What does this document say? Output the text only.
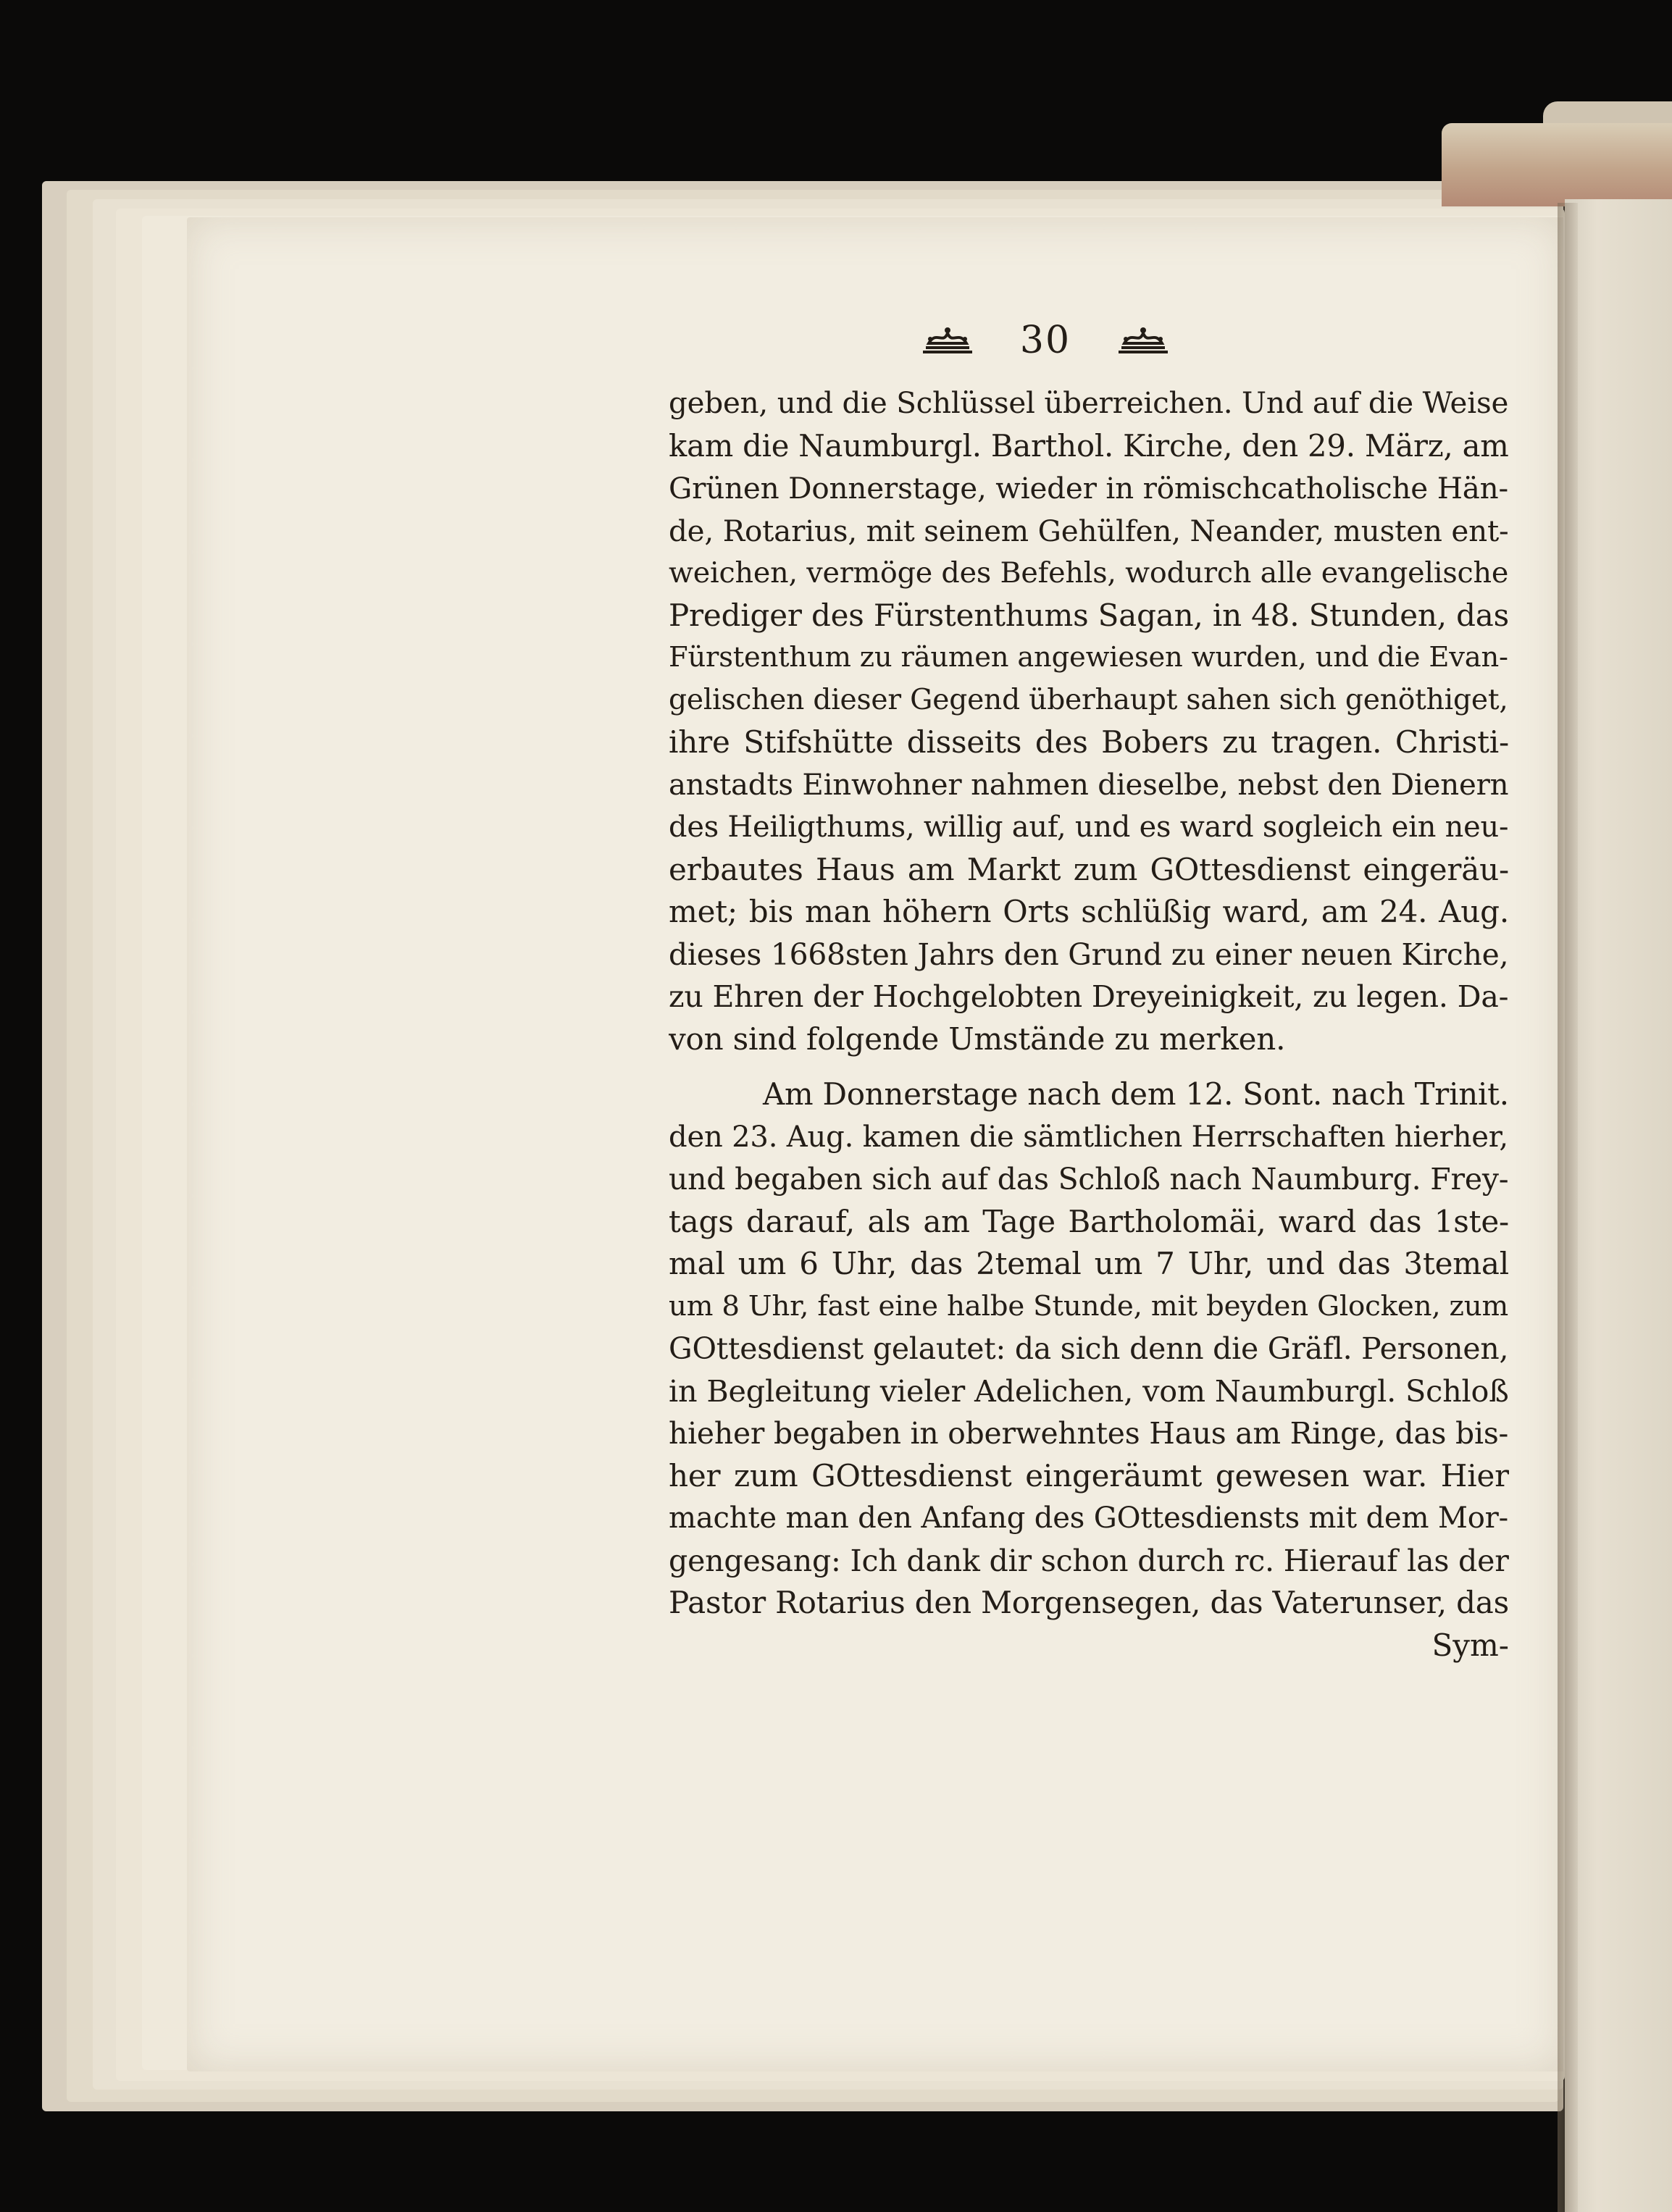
30
geben, und die Schlüssel überreichen. Und auf die Weise
kam die Naumburgl. Barthol. Kirche, den 29. März, am
Grünen Donnerstage, wieder in römischcatholische Hän-
de, Rotarius, mit seinem Gehülfen, Neander, musten ent-
weichen, vermöge des Befehls, wodurch alle evangelische
Prediger des Fürstenthums Sagan, in 48. Stunden, das
Fürstenthum zu räumen angewiesen wurden, und die Evan-
gelischen dieser Gegend überhaupt sahen sich genöthiget,
ihre Stifshütte disseits des Bobers zu tragen. Christi-
anstadts Einwohner nahmen dieselbe, nebst den Dienern
des Heiligthums, willig auf, und es ward sogleich ein neu-
erbautes Haus am Markt zum GOttesdienst eingeräu-
met; bis man höhern Orts schlüßig ward, am 24. Aug.
dieses 1668sten Jahrs den Grund zu einer neuen Kirche,
zu Ehren der Hochgelobten Dreyeinigkeit, zu legen. Da-
von sind folgende Umstände zu merken.
Am Donnerstage nach dem 12. Sont. nach Trinit.
den 23. Aug. kamen die sämtlichen Herrschaften hierher,
und begaben sich auf das Schloß nach Naumburg. Frey-
tags darauf, als am Tage Bartholomäi, ward das 1ste-
mal um 6 Uhr, das 2temal um 7 Uhr, und das 3temal
um 8 Uhr, fast eine halbe Stunde, mit beyden Glocken, zum
GOttesdienst gelautet: da sich denn die Gräfl. Personen,
in Begleitung vieler Adelichen, vom Naumburgl. Schloß
hieher begaben in oberwehntes Haus am Ringe, das bis-
her zum GOttesdienst eingeräumt gewesen war. Hier
machte man den Anfang des GOttesdiensts mit dem Mor-
gengesang: Ich dank dir schon durch rc. Hierauf las der
Pastor Rotarius den Morgensegen, das Vaterunser, das
Sym-
